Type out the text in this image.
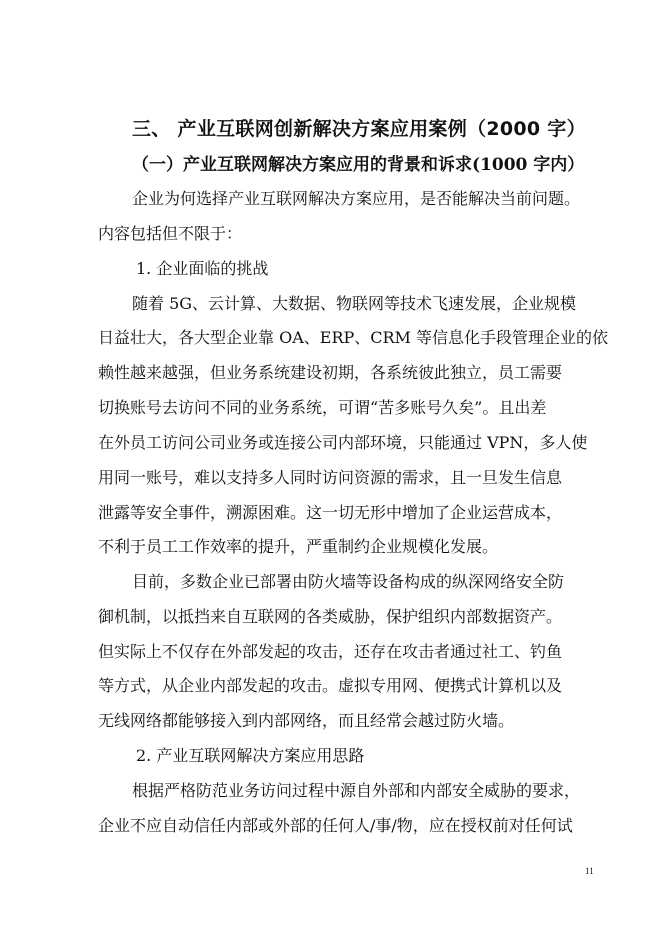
三、 产业互联网创新解决方案应用案例（2000 字）
（一）产业互联网解决方案应用的背景和诉求(1000 字内）
企业为何选择产业互联网解决方案应用，是否能解决当前问题。
内容包括但不限于：
1. 企业面临的挑战
随着 5G、云计算、大数据、物联网等技术飞速发展，企业规模
日益壮大，各大型企业靠 OA、ERP、CRM 等信息化手段管理企业的依
赖性越来越强，但业务系统建设初期，各系统彼此独立，员工需要
切换账号去访问不同的业务系统，可谓“苦多账号久矣”。且出差
在外员工访问公司业务或连接公司内部环境，只能通过 VPN，多人使
用同一账号，难以支持多人同时访问资源的需求，且一旦发生信息
泄露等安全事件，溯源困难。这一切无形中增加了企业运营成本，
不利于员工工作效率的提升，严重制约企业规模化发展。
目前，多数企业已部署由防火墙等设备构成的纵深网络安全防
御机制，以抵挡来自互联网的各类威胁，保护组织内部数据资产。
但实际上不仅存在外部发起的攻击，还存在攻击者通过社工、钓鱼
等方式，从企业内部发起的攻击。虚拟专用网、便携式计算机以及
无线网络都能够接入到内部网络，而且经常会越过防火墙。
2. 产业互联网解决方案应用思路
根据严格防范业务访问过程中源自外部和内部安全威胁的要求，
企业不应自动信任内部或外部的任何人/事/物，应在授权前对任何试
11
